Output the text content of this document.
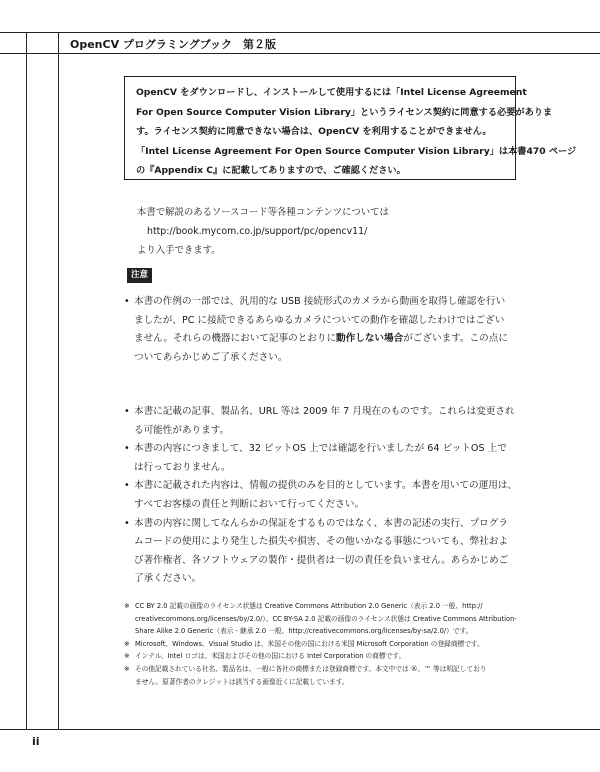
OpenCV プログラミングブック　第２版

OpenCV をダウンロードし、インストールして使用するには「Intel License Agreement

For Open Source Computer Vision Library」というライセンス契約に同意する必要がありま

す。ライセンス契約に同意できない場合は、OpenCV を利用することができません。

「Intel License Agreement For Open Source Computer Vision Library」は本書470 ページ

の『Appendix C』に記載してありますので、ご確認ください。

本書で解説のあるソースコード等各種コンテンツについては

http://book.mycom.co.jp/support/pc/opencv11/

より入手できます。

注意
• 本書の作例の一部では、汎用的な USB 接続形式のカメラから動画を取得し確認を行い

ましたが、PC に接続できるあらゆるカメラについての動作を確認したわけではござい

ません。それらの機器において記事のとおりに動作しない場合がございます。この点に

ついてあらかじめご了承ください。

• 本書に記載の記事、製品名、URL 等は 2009 年 7 月現在のものです。これらは変更され

る可能性があります。

• 本書の内容につきまして、32 ビットOS 上では確認を行いましたが 64 ビットOS 上で

は行っておりません。

• 本書に記載された内容は、情報の提供のみを目的としています。本書を用いての運用は、

すべてお客様の責任と判断において行ってください。

• 本書の内容に関してなんらかの保証をするものではなく、本書の記述の実行、プログラ

ムコードの使用により発生した損失や損害、その他いかなる事態についても、弊社およ

び著作権者、各ソフトウェアの製作・提供者は一切の責任を負いません。あらかじめご

了承ください。

※ CC BY 2.0 記載の画像のライセンス状態は Creative Commons Attribution 2.0 Generic（表示 2.0 一般、http://

creativecommons.org/licenses/by/2.0/）、CC BY-SA 2.0 記載の画像のライセンス状態は Creative Commons Attribution-

Share Alike 2.0 Generic（表示 - 継承 2.0 一般、http://creativecommons.org/licenses/by-sa/2.0/）です。

※ Microsoft、Windows、Visual Studio は、米国その他の国における米国 Microsoft Corporation の登録商標です。

※ インテル、Intel ロゴは、米国およびその他の国における Intel Corporation の商標です。

※ その他記載されている社名、製品名は、一般に各社の商標または登録商標です。本文中では ®、™ 等は明記しており

ません。原著作者のクレジットは該当する画像近くに記載しています。

ii
